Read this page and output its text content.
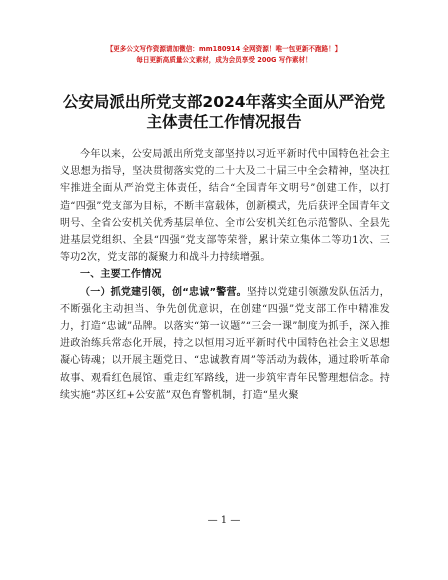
【更多公文写作资源请加微信：mm180914 全网资源！唯一包更新不跑路！】
每日更新高质量公文素材，成为会员享受 200G 写作素材！
公安局派出所党支部2024年落实全面从严治党
主体责任工作情况报告

今年以来，公安局派出所党支部坚持以习近平新时代中国特色社会主义思想为指导，坚决贯彻落实党的二十大及二十届三中全会精神，坚决扛牢推进全面从严治党主体责任，结合“全国青年文明号”创建工作，以打造“四强”党支部为目标，不断丰富载体，创新模式，先后获评全国青年文明号、全省公安机关优秀基层单位、全市公安机关红色示范警队、全县先进基层党组织、全县“四强”党支部等荣誉，累计荣立集体二等功1次、三等功2次，党支部的凝聚力和战斗力持续增强。

一、主要工作情况

（一）抓党建引领，创“忠诚”警营。坚持以党建引领激发队伍活力，不断强化主动担当、争先创优意识，在创建“四强”党支部工作中精准发力，打造“忠诚”品牌。以落实“第一议题”“三会一课”制度为抓手，深入推进政治练兵常态化开展，持之以恒用习近平新时代中国特色社会主义思想凝心铸魂；以开展主题党日、“忠诚教育周”等活动为载体，通过聆听革命故事、观看红色展馆、重走红军路线，进一步筑牢青年民警理想信念。持续实施“苏区红+公安蓝”双色育警机制，打造“星火聚

— 1 —
